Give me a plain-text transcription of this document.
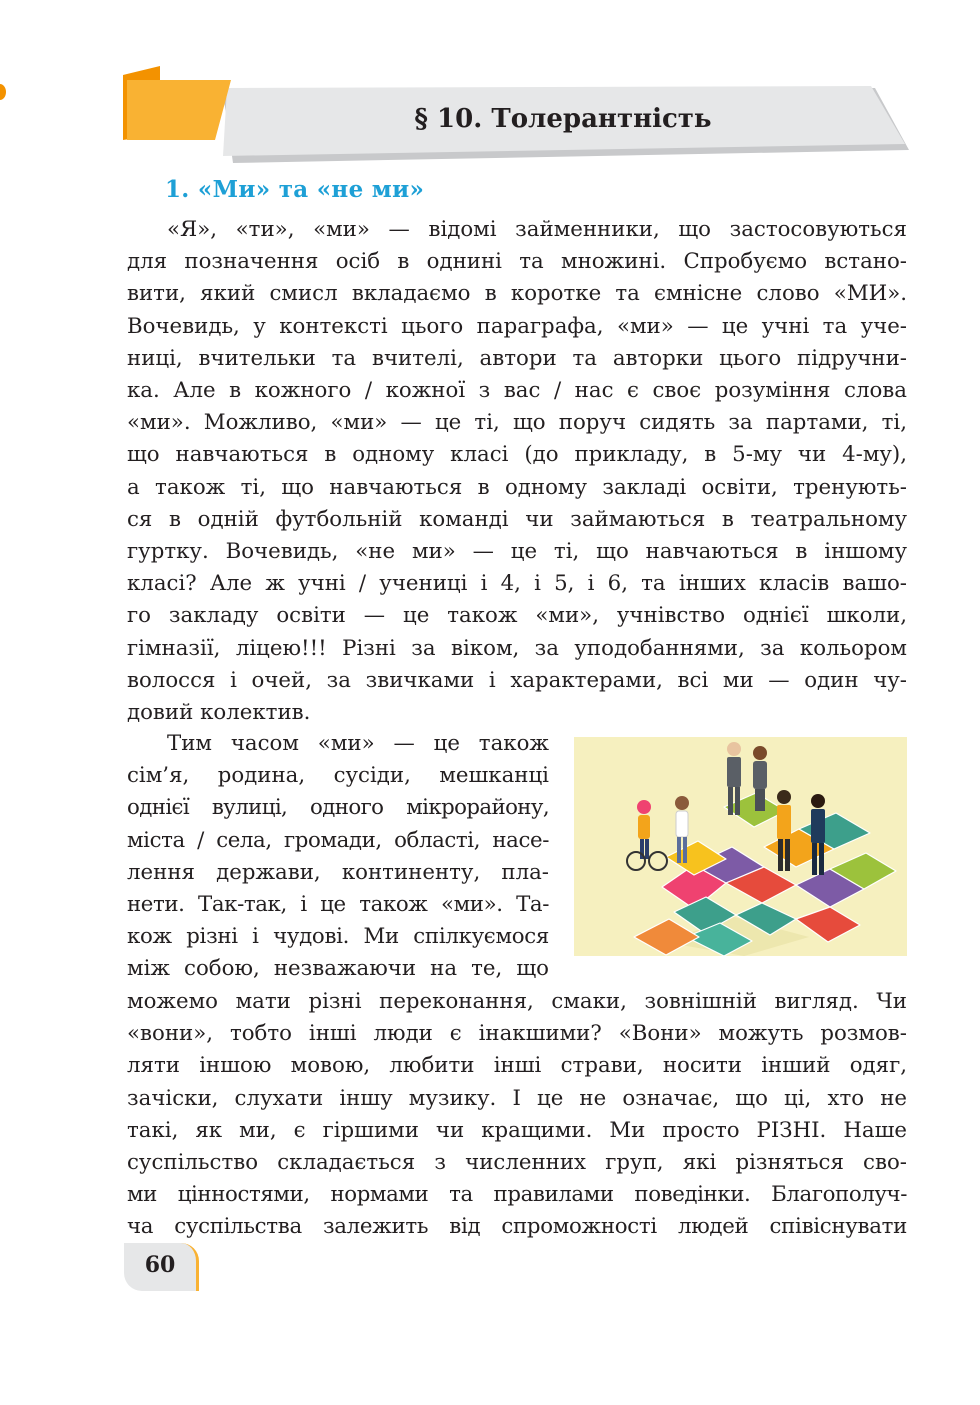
§ 10. Толерантність
1. «Ми» та «не ми»

«Я», «ти», «ми» — відомі займенники, що застосовуються
для позначення осіб в однині та множині. Спробуємо встано-
вити, який смисл вкладаємо в коротке та ємнісне слово «МИ».
Вочевидь, у контексті цього параграфа, «ми» — це учні та уче-
ниці, вчительки та вчителі, автори та авторки цього підручни-
ка. Але в кожного / кожної з вас / нас є своє розуміння слова
«ми». Можливо, «ми» — це ті, що поруч сидять за партами, ті,
що навчаються в одному класі (до прикладу, в 5-му чи 4-му),
а також ті, що навчаються в одному закладі освіти, тренують-
ся в одній футбольній команді чи займаються в театральному
гуртку. Вочевидь, «не ми» — це ті, що навчаються в іншому
класі? Але ж учні / учениці і 4, і 5, і 6, та інших класів вашо-
го закладу освіти — це також «ми», учнівство однієї школи,
гімназії, ліцею!!! Різні за віком, за уподобаннями, за кольором
волосся і очей, за звичками і характерами, всі ми — один чу-
довий колектив.

Тим часом «ми» — це також
сім’я, родина, сусіди, мешканці
однієї вулиці, одного мікрорайону,
міста / села, громади, області, насе-
лення держави, континенту, пла-
нети. Так-так, і це також «ми». Та-
кож різні і чудові. Ми спілкуємося
між собою, незважаючи на те, що

можемо мати різні переконання, смаки, зовнішній вигляд. Чи
«вони», тобто інші люди є інакшими? «Вони» можуть розмов-
ляти іншою мовою, любити інші страви, носити інший одяг,
зачіски, слухати іншу музику. І це не означає, що ці, хто не
такі, як ми, є гіршими чи кращими. Ми просто РІЗНІ. Наше
суспільство складається з численних груп, які різняться сво-
ми цінностями, нормами та правилами поведінки. Благополуч-
ча суспільства залежить від спроможності людей співіснувати

60
